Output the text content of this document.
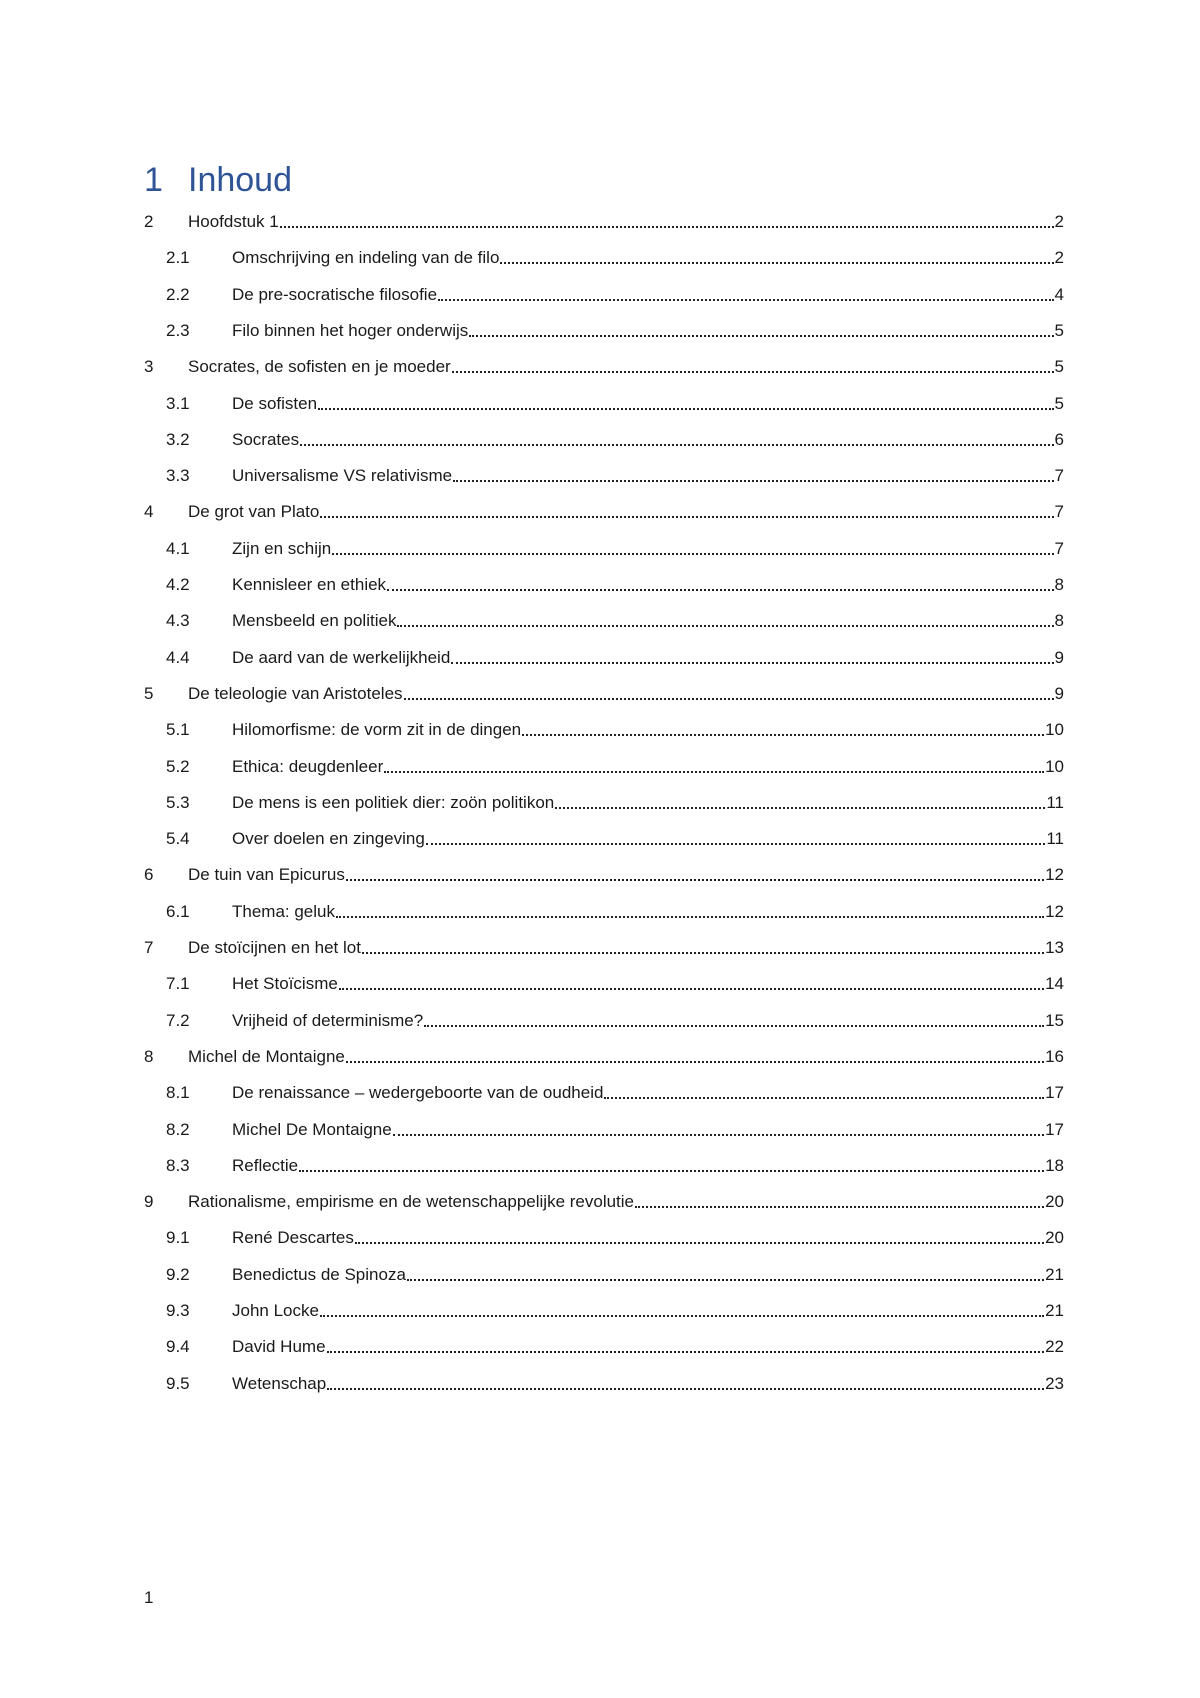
1 Inhoud
2	Hoofdstuk 1	2
2.1	Omschrijving en indeling van de filo	2
2.2	De pre-socratische filosofie	4
2.3	Filo binnen het hoger onderwijs	5
3	Socrates, de sofisten en je moeder	5
3.1	De sofisten	5
3.2	Socrates	6
3.3	Universalisme VS relativisme	7
4	De grot van Plato	7
4.1	Zijn en schijn	7
4.2	Kennisleer en ethiek	8
4.3	Mensbeeld en politiek	8
4.4	De aard van de werkelijkheid	9
5	De teleologie van Aristoteles	9
5.1	Hilomorfisme: de vorm zit in de dingen	10
5.2	Ethica: deugdenleer	10
5.3	De mens is een politiek dier: zoön politikon	11
5.4	Over doelen en zingeving	11
6	De tuin van Epicurus	12
6.1	Thema: geluk	12
7	De stoïcijnen en het lot	13
7.1	Het Stoïcisme	14
7.2	Vrijheid of determinisme?	15
8	Michel de Montaigne	16
8.1	De renaissance – wedergeboorte van de oudheid	17
8.2	Michel De Montaigne	17
8.3	Reflectie	18
9	Rationalisme, empirisme en de wetenschappelijke revolutie	20
9.1	René Descartes	20
9.2	Benedictus de Spinoza	21
9.3	John Locke	21
9.4	David Hume	22
9.5	Wetenschap	23
1
